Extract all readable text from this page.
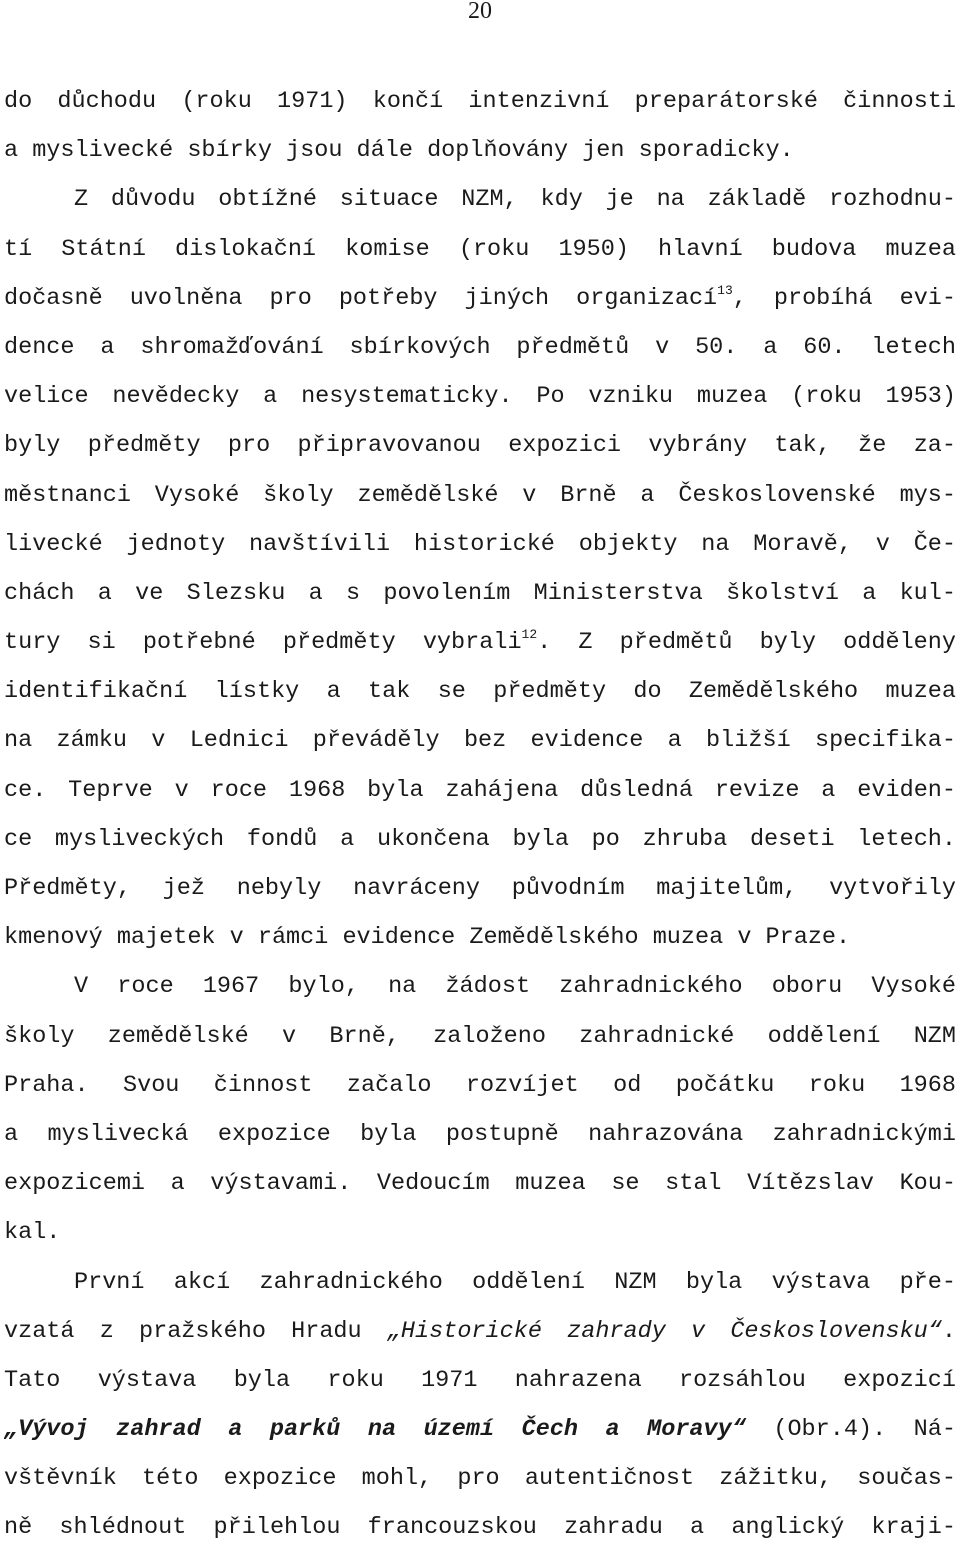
20
do důchodu (roku 1971) končí intenzivní preparátorské činnosti
a myslivecké sbírky jsou dále doplňovány jen sporadicky.
Z důvodu obtížné situace NZM, kdy je na základě rozhodnu-
tí Státní dislokační komise (roku 1950) hlavní budova muzea
dočasně uvolněna pro potřeby jiných organizací$^{13}$, probíhá evi-
dence a shromažďování sbírkových předmětů v 50. a 60. letech
velice nevědecky a nesystematicky. Po vzniku muzea (roku 1953)
byly předměty pro připravovanou expozici vybrány tak, že za-
městnanci Vysoké školy zemědělské v Brně a Československé mys-
livecké jednoty navštívili historické objekty na Moravě, v Če-
chách a ve Slezsku a s povolením Ministerstva školství a kul-
tury si potřebné předměty vybrali$^{12}$. Z předmětů byly odděleny
identifikační lístky a tak se předměty do Zemědělského muzea
na zámku v Lednici převáděly bez evidence a bližší specifika-
ce. Teprve v roce 1968 byla zahájena důsledná revize a eviden-
ce mysliveckých fondů a ukončena byla po zhruba deseti letech.
Předměty, jež nebyly navráceny původním majitelům, vytvořily
kmenový majetek v rámci evidence Zemědělského muzea v Praze.
V roce 1967 bylo, na žádost zahradnického oboru Vysoké
školy zemědělské v Brně, založeno zahradnické oddělení NZM
Praha. Svou činnost začalo rozvíjet od počátku roku 1968
a myslivecká expozice byla postupně nahrazována zahradnickými
expozicemi a výstavami. Vedoucím muzea se stal Vítězslav Kou-
kal.
První akcí zahradnického oddělení NZM byla výstava pře-
vzatá z pražského Hradu „Historické zahrady v Československu“.
Tato výstava byla roku 1971 nahrazena rozsáhlou expozicí
„Vývoj zahrad a parků na území Čech a Moravy“ (Obr.4). Ná-
vštěvník této expozice mohl, pro autentičnost zážitku, součas-
ně shlédnout přilehlou francouzskou zahradu a anglický kraji-
